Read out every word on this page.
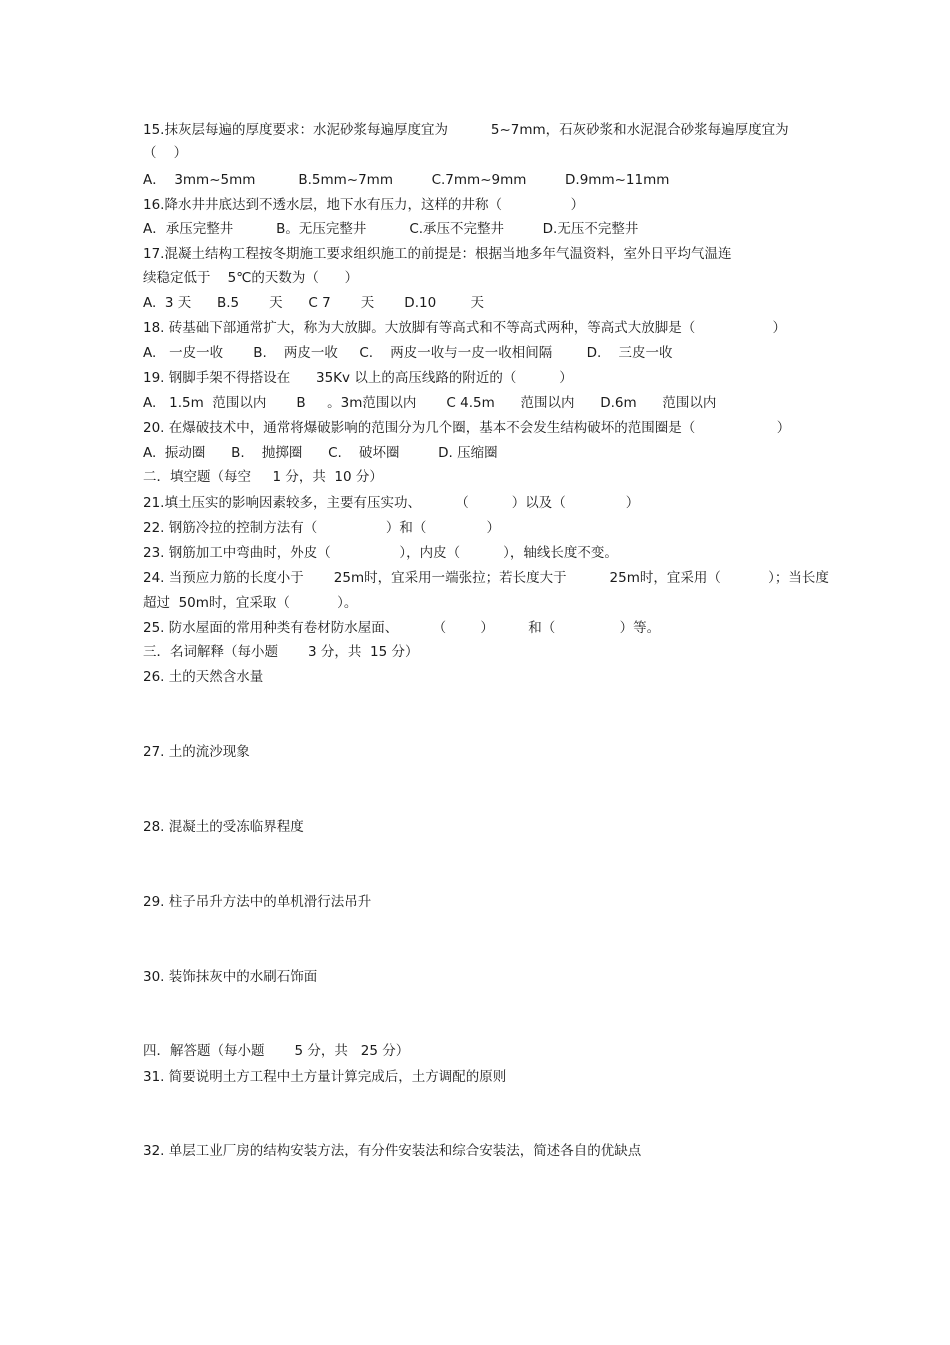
15.抹灰层每遍的厚度要求：水泥砂浆每遍厚度宜为          5~7mm，石灰砂浆和水泥混合砂浆每遍厚度宜为
（    ）
A．  3mm~5mm          B.5mm~7mm         C.7mm~9mm         D.9mm~11mm
16.降水井井底达到不透水层，地下水有压力，这样的井称（                ）
A．承压完整井          B。无压完整井          C.承压不完整井         D.无压不完整井
17.混凝土结构工程按冬期施工要求组织施工的前提是：根据当地多年气温资料，室外日平均气温连
续稳定低于    5℃的天数为（      ）
A.  3 天      B.5       天      C 7       天       D.10        天
18. 砖基础下部通常扩大，称为大放脚。大放脚有等高式和不等高式两种，等高式大放脚是（                  ）
A.   一皮一收       B.    两皮一收     C.    两皮一收与一皮一收相间隔        D.    三皮一收
19. 钢脚手架不得搭设在      35Kv 以上的高压线路的附近的（          ）
A.   1.5m  范围以内       B     。3m范围以内       C 4.5m      范围以内      D.6m      范围以内
20. 在爆破技术中，通常将爆破影响的范围分为几个圈，基本不会发生结构破坏的范围圈是（                   ）
A.  振动圈      B.    抛掷圈      C.    破坏圈         D. 压缩圈
二．填空题（每空     1 分，共  10 分）
21.填土压实的影响因素较多，主要有压实功、        （          ）以及（              ）
22. 钢筋冷拉的控制方法有（                ）和（              ）
23. 钢筋加工中弯曲时，外皮（                ），内皮（          ），轴线长度不变。
24. 当预应力筋的长度小于       25m时，宜采用一端张拉；若长度大于          25m时，宜采用（           ）；当长度
超过  50m时，宜采取（           ）。
25. 防水屋面的常用种类有卷材防水屋面、        （        ）        和（               ）等。
三．名词解释（每小题       3 分，共  15 分）
26. 土的天然含水量
27. 土的流沙现象
28. 混凝土的受冻临界程度
29. 柱子吊升方法中的单机滑行法吊升
30. 装饰抹灰中的水刷石饰面
四．解答题（每小题       5 分，共   25 分）
31. 简要说明土方工程中土方量计算完成后，土方调配的原则
32. 单层工业厂房的结构安装方法，有分件安装法和综合安装法，简述各自的优缺点
